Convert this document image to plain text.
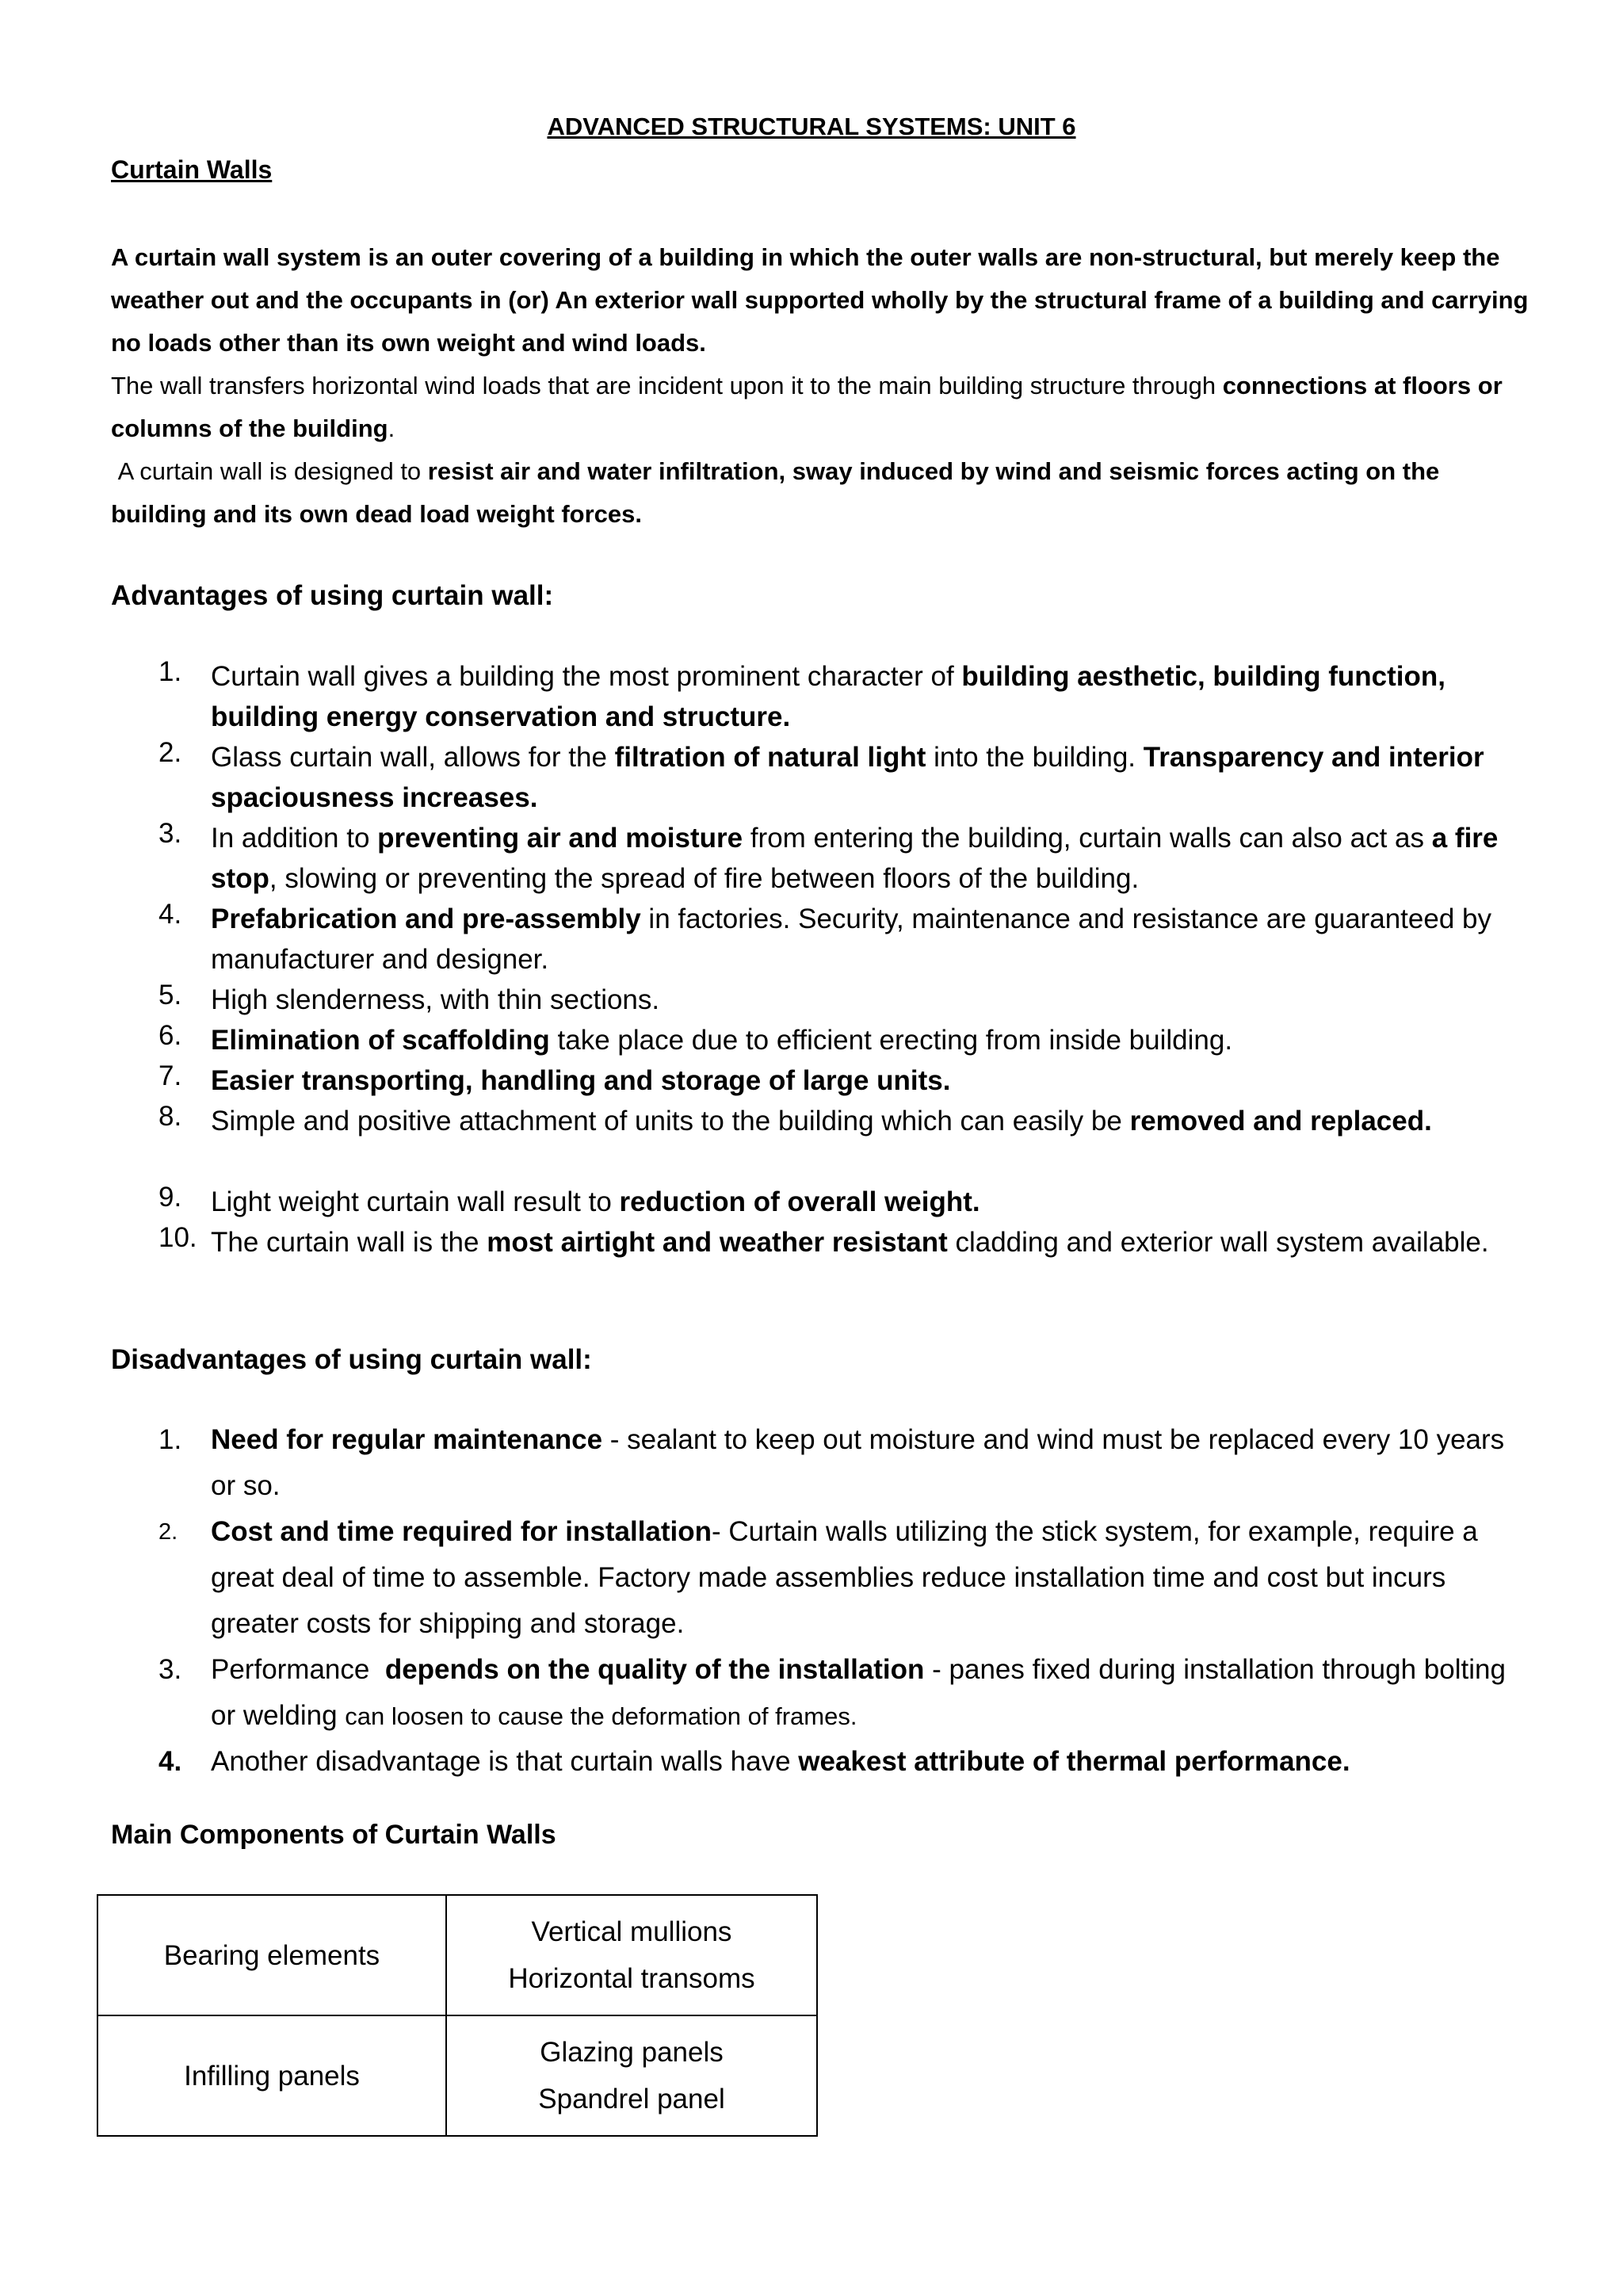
ADVANCED STRUCTURAL SYSTEMS: UNIT 6
Curtain Walls
A curtain wall system is an outer covering of a building in which the outer walls are non-structural, but merely keep the weather out and the occupants in (or) An exterior wall supported wholly by the structural frame of a building and carrying no loads other than its own weight and wind loads.
The wall transfers horizontal wind loads that are incident upon it to the main building structure through connections at floors or columns of the building.
A curtain wall is designed to resist air and water infiltration, sway induced by wind and seismic forces acting on the building and its own dead load weight forces.
Advantages of using curtain wall:
1.	Curtain wall gives a building the most prominent character of building aesthetic, building function, building energy conservation and structure.
2.	Glass curtain wall, allows for the filtration of natural light into the building. Transparency and interior spaciousness increases.
3.	In addition to preventing air and moisture from entering the building, curtain walls can also act as a fire stop, slowing or preventing the spread of fire between floors of the building.
4.	Prefabrication and pre-assembly in factories. Security, maintenance and resistance are guaranteed by manufacturer and designer.
5.	High slenderness, with thin sections.
6.	Elimination of scaffolding take place due to efficient erecting from inside building.
7.	Easier transporting, handling and storage of large units.
8.	Simple and positive attachment of units to the building which can easily be removed and replaced.
9.	Light weight curtain wall result to reduction of overall weight.
10. The curtain wall is the most airtight and weather resistant cladding and exterior wall system available.
Disadvantages of using curtain wall:
1.	Need for regular maintenance - sealant to keep out moisture and wind must be replaced every 10 years or so.
2.	Cost and time required for installation- Curtain walls utilizing the stick system, for example, require a great deal of time to assemble. Factory made assemblies reduce installation time and cost but incurs greater costs for shipping and storage.
3.	Performance  depends on the quality of the installation - panes fixed during installation through bolting or welding can loosen to cause the deformation of frames.
4.	Another disadvantage is that curtain walls have weakest attribute of thermal performance.
Main Components of Curtain Walls
Bearing elements	Vertical mullions
Horizontal transoms

Infilling panels	Glazing panels
Spandrel panel
